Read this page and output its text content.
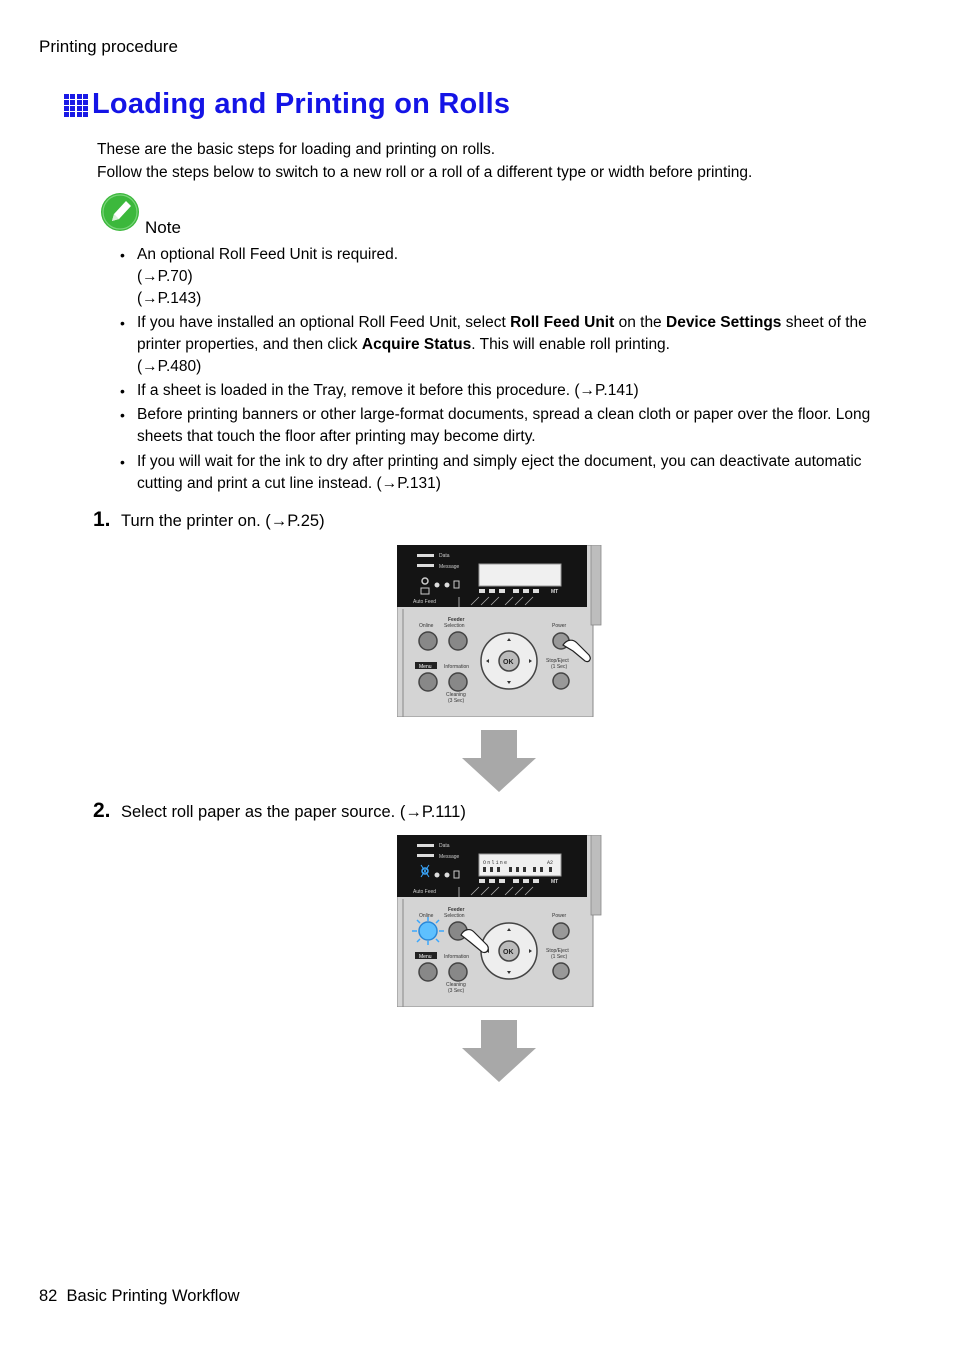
Printing procedure
Loading and Printing on Rolls
These are the basic steps for loading and printing on rolls.
Follow the steps below to switch to a new roll or a roll of a different type or width before printing.
Note
• An optional Roll Feed Unit is required.
(→P.70)
(→P.143)
• If you have installed an optional Roll Feed Unit, select Roll Feed Unit on the Device Settings sheet of the printer properties, and then click Acquire Status. This will enable roll printing.
(→P.480)
• If a sheet is loaded in the Tray, remove it before this procedure. (→P.141)
• Before printing banners or other large-format documents, spread a clean cloth or paper over the floor. Long sheets that touch the floor after printing may become dirty.
• If you will wait for the ink to dry after printing and simply eject the document, you can deactivate automatic cutting and print a cut line instead. (→P.131)
1. Turn the printer on. (→P.25)
Data
Message
Auto Feed
MT
Online
Feeder
Selection	Power
Menu Information
Cleaning
(3 Sec)
OK	Stop/Eject
(1 Sec)
2. Select roll paper as the paper source. (→P.111)
Data
Message
Online	A2
Auto Feed
MT
Online
Feeder
Selection	Power
Menu Information
Cleaning
(3 Sec)
OK	Stop/Eject
(1 Sec)
82 Basic Printing Workflow
